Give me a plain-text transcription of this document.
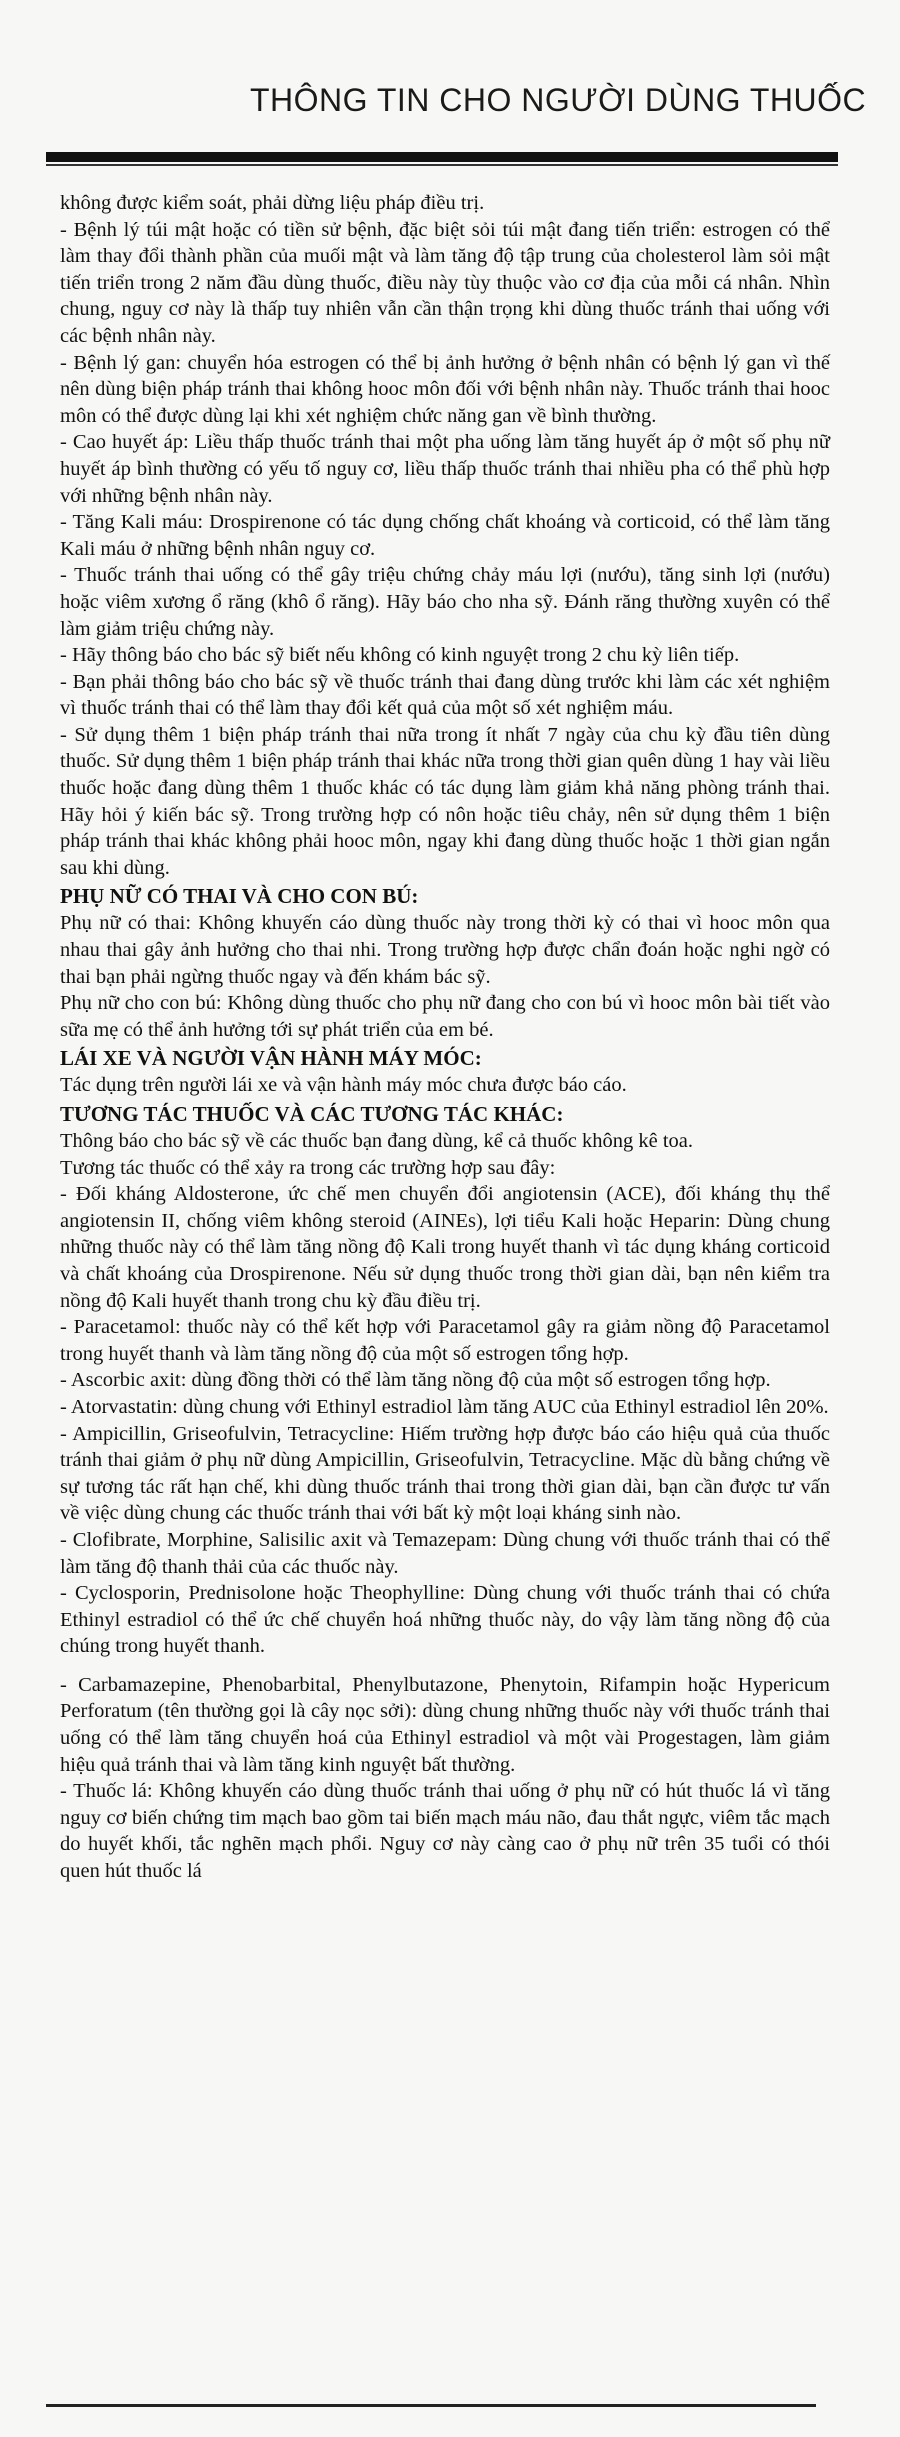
THÔNG TIN CHO NGƯỜI DÙNG THUỐC

không được kiểm soát, phải dừng liệu pháp điều trị.

- Bệnh lý túi mật hoặc có tiền sử bệnh, đặc biệt sỏi túi mật đang tiến triển: estrogen có thể làm thay đổi thành phần của muối mật và làm tăng độ tập trung của cholesterol làm sỏi mật tiến triển trong 2 năm đầu dùng thuốc, điều này tùy thuộc vào cơ địa của mỗi cá nhân. Nhìn chung, nguy cơ này là thấp tuy nhiên vẫn cần thận trọng khi dùng thuốc tránh thai uống với các bệnh nhân này.

- Bệnh lý gan: chuyển hóa estrogen có thể bị ảnh hưởng ở bệnh nhân có bệnh lý gan vì thế nên dùng biện pháp tránh thai không hooc môn đối với bệnh nhân này. Thuốc tránh thai hooc môn có thể được dùng lại khi xét nghiệm chức năng gan về bình thường.

- Cao huyết áp: Liều thấp thuốc tránh thai một pha uống làm tăng huyết áp ở một số phụ nữ huyết áp bình thường có yếu tố nguy cơ, liều thấp thuốc tránh thai nhiều pha có thể phù hợp với những bệnh nhân này.

- Tăng Kali máu: Drospirenone có tác dụng chống chất khoáng và corticoid, có thể làm tăng Kali máu ở những bệnh nhân nguy cơ.

- Thuốc tránh thai uống có thể gây triệu chứng chảy máu lợi (nướu), tăng sinh lợi (nướu) hoặc viêm xương ổ răng (khô ổ răng). Hãy báo cho nha sỹ. Đánh răng thường xuyên có thể làm giảm triệu chứng này.

- Hãy thông báo cho bác sỹ biết nếu không có kinh nguyệt trong 2 chu kỳ liên tiếp.

- Bạn phải thông báo cho bác sỹ về thuốc tránh thai đang dùng trước khi làm các xét nghiệm vì thuốc tránh thai có thể làm thay đổi kết quả của một số xét nghiệm máu.

- Sử dụng thêm 1 biện pháp tránh thai nữa trong ít nhất 7 ngày của chu kỳ đầu tiên dùng thuốc. Sử dụng thêm 1 biện pháp tránh thai khác nữa trong thời gian quên dùng 1 hay vài liều thuốc hoặc đang dùng thêm 1 thuốc khác có tác dụng làm giảm khả năng phòng tránh thai. Hãy hỏi ý kiến bác sỹ. Trong trường hợp có nôn hoặc tiêu chảy, nên sử dụng thêm 1 biện pháp tránh thai khác không phải hooc môn, ngay khi đang dùng thuốc hoặc 1 thời gian ngắn sau khi dùng.

PHỤ NỮ CÓ THAI VÀ CHO CON BÚ:

Phụ nữ có thai: Không khuyến cáo dùng thuốc này trong thời kỳ có thai vì hooc môn qua nhau thai gây ảnh hưởng cho thai nhi. Trong trường hợp được chẩn đoán hoặc nghi ngờ có thai bạn phải ngừng thuốc ngay và đến khám bác sỹ.

Phụ nữ cho con bú: Không dùng thuốc cho phụ nữ đang cho con bú vì hooc môn bài tiết vào sữa mẹ có thể ảnh hưởng tới sự phát triển của em bé.

LÁI XE VÀ NGƯỜI VẬN HÀNH MÁY MÓC:

Tác dụng trên người lái xe và vận hành máy móc chưa được báo cáo.

TƯƠNG TÁC THUỐC VÀ CÁC TƯƠNG TÁC KHÁC:

Thông báo cho bác sỹ về các thuốc bạn đang dùng, kể cả thuốc không kê toa.

Tương tác thuốc có thể xảy ra trong các trường hợp sau đây:

- Đối kháng Aldosterone, ức chế men chuyển đổi angiotensin (ACE), đối kháng thụ thể angiotensin II, chống viêm không steroid (AINEs), lợi tiểu Kali hoặc Heparin: Dùng chung những thuốc này có thể làm tăng nồng độ Kali trong huyết thanh vì tác dụng kháng corticoid và chất khoáng của Drospirenone. Nếu sử dụng thuốc trong thời gian dài, bạn nên kiểm tra nồng độ Kali huyết thanh trong chu kỳ đầu điều trị.

- Paracetamol: thuốc này có thể kết hợp với Paracetamol gây ra giảm nồng độ Paracetamol trong huyết thanh và làm tăng nồng độ của một số estrogen tổng hợp.

- Ascorbic axit: dùng đồng thời có thể làm tăng nồng độ của một số estrogen tổng hợp.

- Atorvastatin: dùng chung với Ethinyl estradiol làm tăng AUC của Ethinyl estradiol lên 20%.

- Ampicillin, Griseofulvin, Tetracycline: Hiếm trường hợp được báo cáo hiệu quả của thuốc tránh thai giảm ở phụ nữ dùng Ampicillin, Griseofulvin, Tetracycline. Mặc dù bằng chứng về sự tương tác rất hạn chế, khi dùng thuốc tránh thai trong thời gian dài, bạn cần được tư vấn về việc dùng chung các thuốc tránh thai với bất kỳ một loại kháng sinh nào.

- Clofibrate, Morphine, Salisilic axit và Temazepam: Dùng chung với thuốc tránh thai có thể làm tăng độ thanh thải của các thuốc này.

- Cyclosporin, Prednisolone hoặc Theophylline: Dùng chung với thuốc tránh thai có chứa Ethinyl estradiol có thể ức chế chuyển hoá những thuốc này, do vậy làm tăng nồng độ của chúng trong huyết thanh.

- Carbamazepine, Phenobarbital, Phenylbutazone, Phenytoin, Rifampin hoặc Hypericum Perforatum (tên thường gọi là cây nọc sởi): dùng chung những thuốc này với thuốc tránh thai uống có thể làm tăng chuyển hoá của Ethinyl estradiol và một vài Progestagen, làm giảm hiệu quả tránh thai và làm tăng kinh nguyệt bất thường.

- Thuốc lá: Không khuyến cáo dùng thuốc tránh thai uống ở phụ nữ có hút thuốc lá vì tăng nguy cơ biến chứng tim mạch bao gồm tai biến mạch máu não, đau thắt ngực, viêm tắc mạch do huyết khối, tắc nghẽn mạch phổi. Nguy cơ này càng cao ở phụ nữ trên 35 tuổi có thói quen hút thuốc lá
